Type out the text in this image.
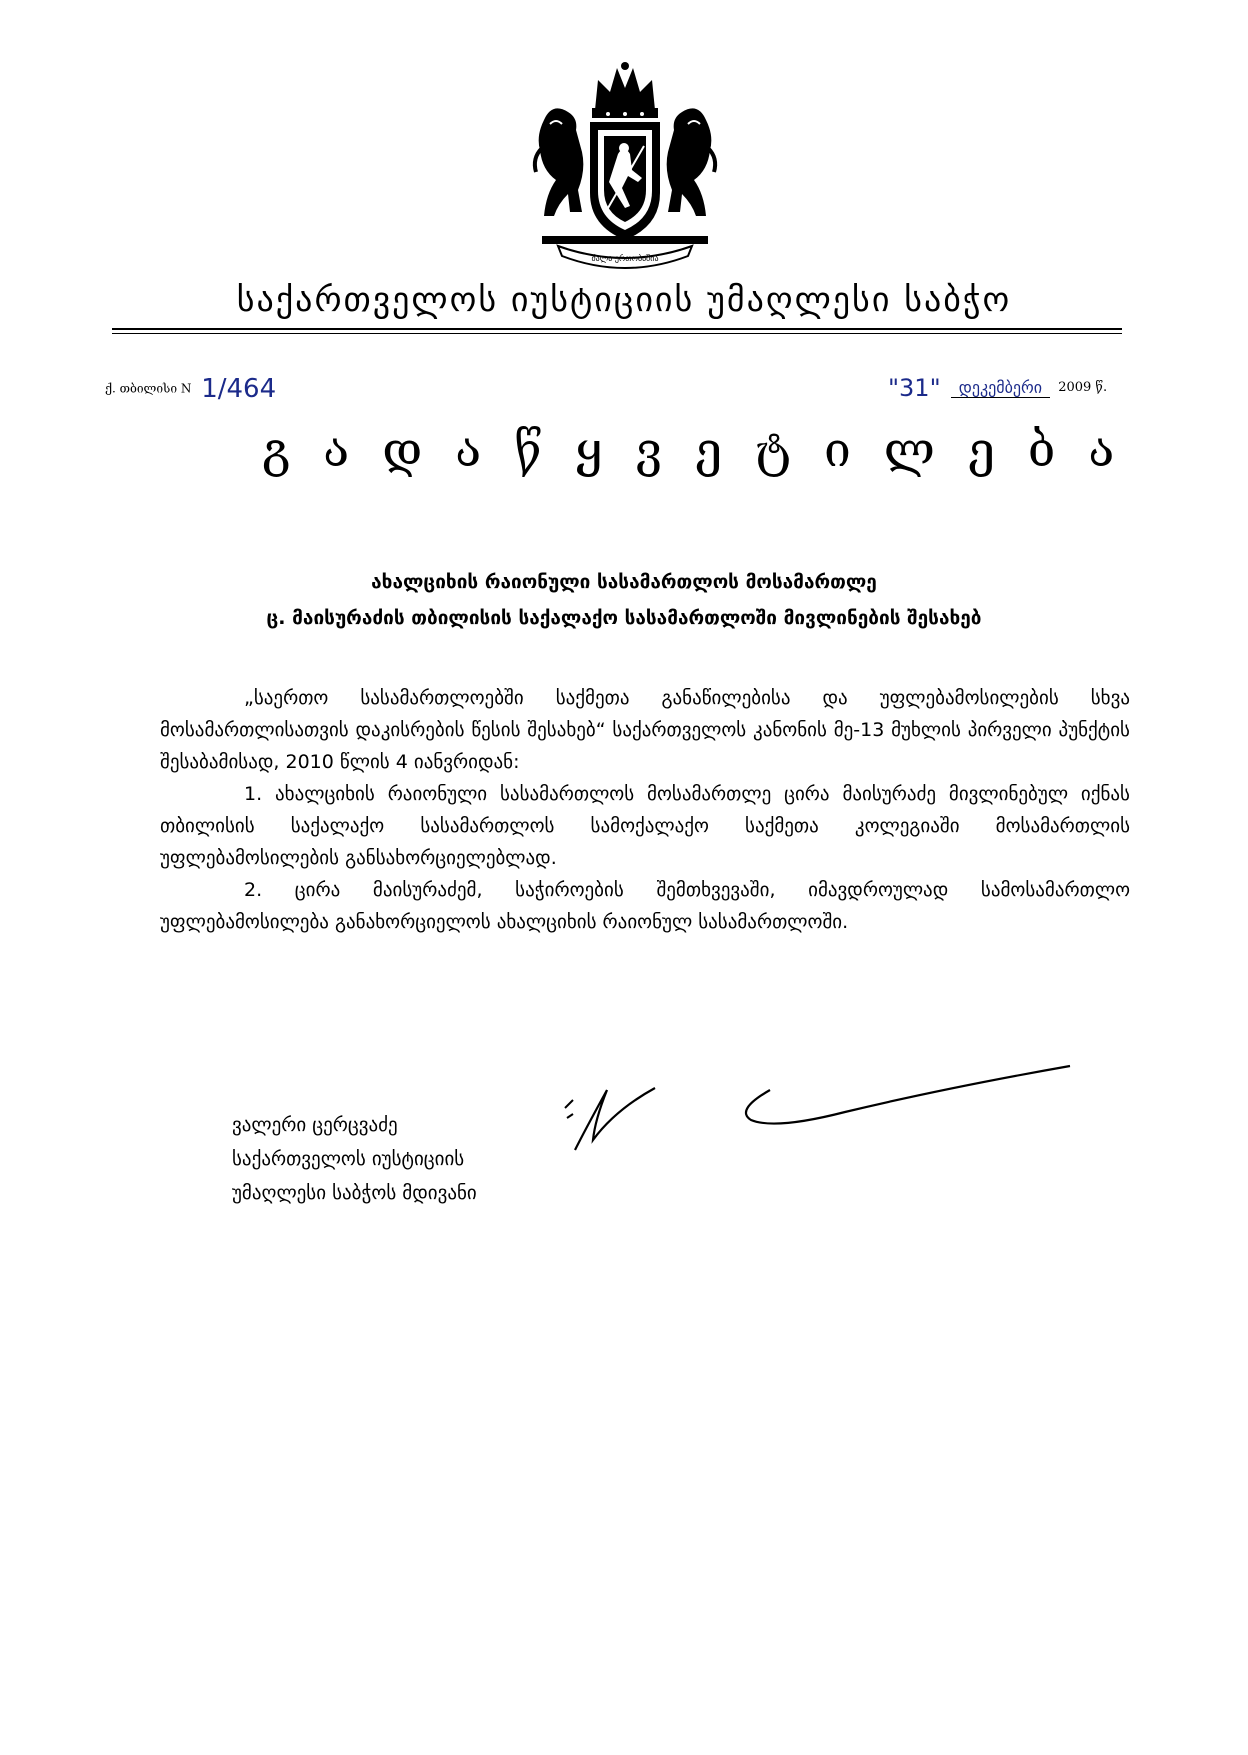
ძალა ერთობაშია
საქართველოს იუსტიციის უმაღლესი საბჭო
ქ. თბილისი N 1/464	"31" დეკემბერი 2009 წ.
გადაწყვეტილება
ახალციხის რაიონული სასამართლოს მოსამართლე
ც. მაისურაძის თბილისის საქალაქო სასამართლოში მივლინების შესახებ

„საერთო სასამართლოებში საქმეთა განაწილებისა და უფლებამოსილების სხვა მოსამართლისათვის დაკისრების წესის შესახებ“ საქართველოს კანონის მე-13 მუხლის პირველი პუნქტის შესაბამისად, 2010 წლის 4 იანვრიდან:

1. ახალციხის რაიონული სასამართლოს მოსამართლე ცირა მაისურაძე მივლინებულ იქნას თბილისის საქალაქო სასამართლოს სამოქალაქო საქმეთა კოლეგიაში მოსამართლის უფლებამოსილების განსახორციელებლად.

2. ცირა მაისურაძემ, საჭიროების შემთხვევაში, იმავდროულად სამოსამართლო უფლებამოსილება განახორციელოს ახალციხის რაიონულ სასამართლოში.

ვალერი ცერცვაძე
საქართველოს იუსტიციის
უმაღლესი საბჭოს მდივანი
